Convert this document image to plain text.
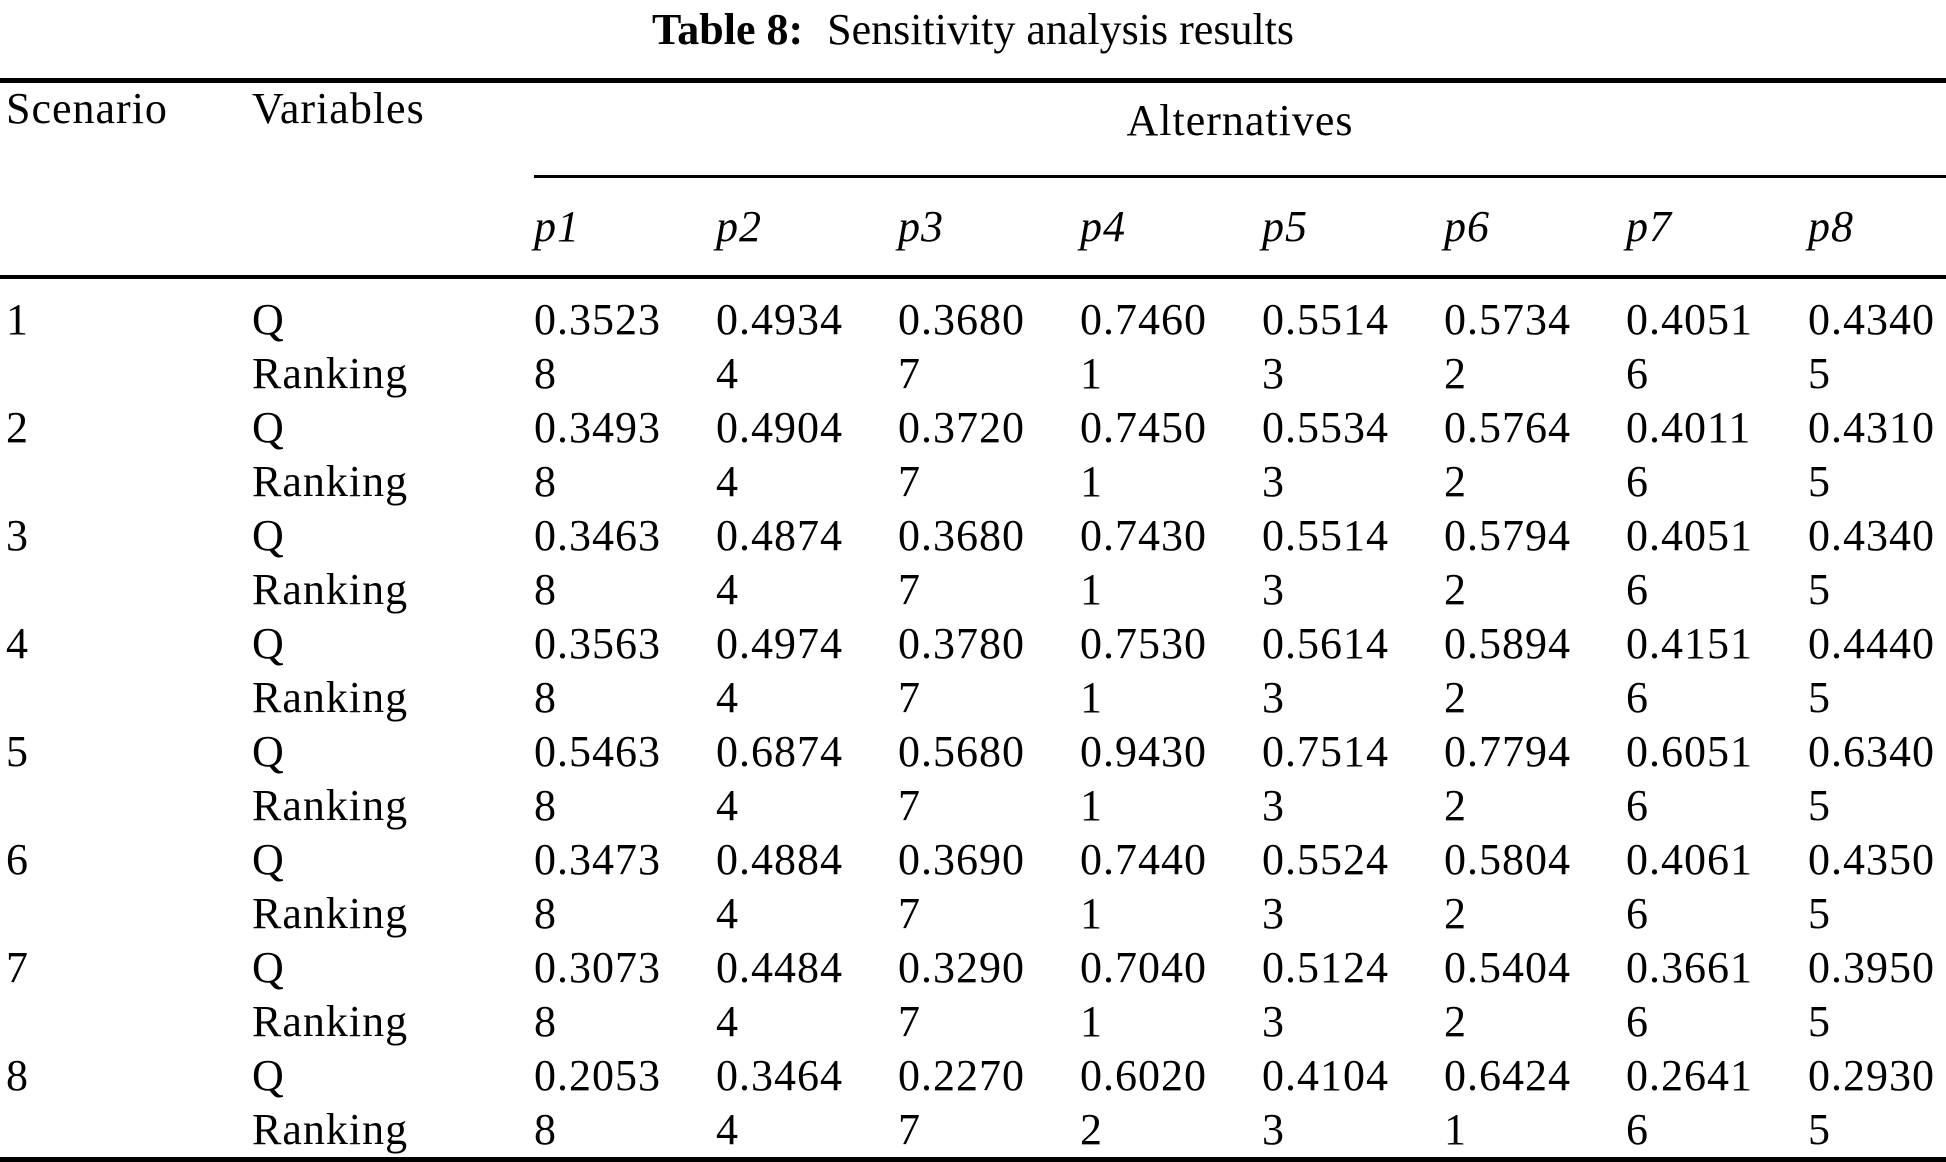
Table 8: Sensitivity analysis results
Scenario	Variables	Alternatives							
		p1	p2	p3	p4	p5	p6	p7	p8
1	Q	0.3523	0.4934	0.3680	0.7460	0.5514	0.5734	0.4051	0.4340
	Ranking	8	4	7	1	3	2	6	5
2	Q	0.3493	0.4904	0.3720	0.7450	0.5534	0.5764	0.4011	0.4310
	Ranking	8	4	7	1	3	2	6	5
3	Q	0.3463	0.4874	0.3680	0.7430	0.5514	0.5794	0.4051	0.4340
	Ranking	8	4	7	1	3	2	6	5
4	Q	0.3563	0.4974	0.3780	0.7530	0.5614	0.5894	0.4151	0.4440
	Ranking	8	4	7	1	3	2	6	5
5	Q	0.5463	0.6874	0.5680	0.9430	0.7514	0.7794	0.6051	0.6340
	Ranking	8	4	7	1	3	2	6	5
6	Q	0.3473	0.4884	0.3690	0.7440	0.5524	0.5804	0.4061	0.4350
	Ranking	8	4	7	1	3	2	6	5
7	Q	0.3073	0.4484	0.3290	0.7040	0.5124	0.5404	0.3661	0.3950
	Ranking	8	4	7	1	3	2	6	5
8	Q	0.2053	0.3464	0.2270	0.6020	0.4104	0.6424	0.2641	0.2930
	Ranking	8	4	7	2	3	1	6	5
